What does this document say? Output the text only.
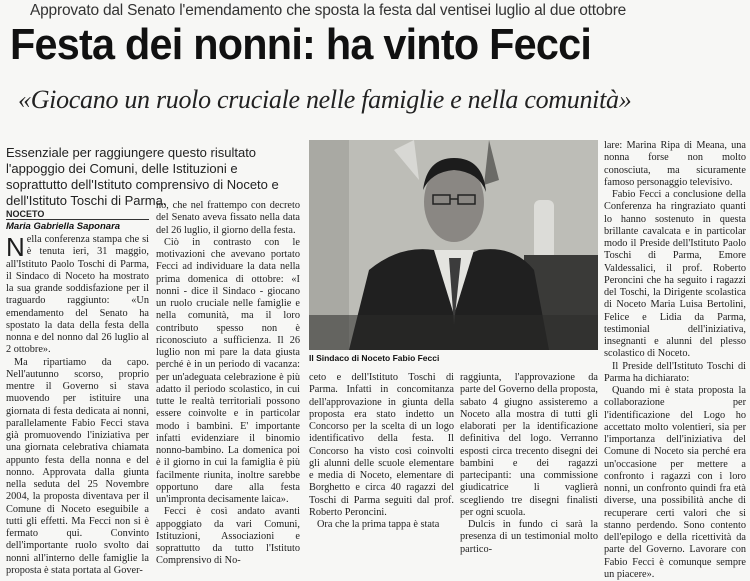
Approvato dal Senato l'emendamento che sposta la festa dal ventisei luglio al due ottobre
Festa dei nonni: ha vinto Fecci
«Giocano un ruolo cruciale nelle famiglie e nella comunità»
Essenziale per raggiungere questo risultato l'appoggio dei Comuni, delle Istituzioni e soprattutto dell'Istituto comprensivo di Noceto e dell'Istituto Toschi di Parma.
NOCETO
Maria Gabriella Saponara

Nella conferenza stampa che si è tenuta ieri, 31 maggio, all'Istituto Paolo Toschi di Parma, il Sindaco di Noceto ha mostrato la sua grande soddisfazione per il traguardo raggiunto: «Un emendamento del Senato ha spostato la data della festa della nonna e del nonno dal 26 luglio al 2 ottobre».

Ma ripartiamo da capo. Nell'autunno scorso, proprio mentre il Governo si stava muovendo per istituire una giornata di festa dedicata ai nonni, parallelamente Fabio Fecci stava già promuovendo l'iniziativa per una giornata celebrativa chiamata appunto festa della nonna e del nonno. Approvata dalla giunta nella seduta del 25 Novembre 2004, la proposta diventava per il Comune di Noceto eseguibile a tutti gli effetti. Ma Fecci non si è fermato qui. Convinto dell'importante ruolo svolto dai nonni all'interno delle famiglie la proposta è stata portata al Gover-

no, che nel frattempo con decreto del Senato aveva fissato nella data del 26 luglio, il giorno della festa.

Ciò in contrasto con le motivazioni che avevano portato Fecci ad individuare la data nella prima domenica di ottobre: «I nonni - dice il Sindaco - giocano un ruolo cruciale nelle famiglie e nella comunità, ma il loro contributo spesso non è riconosciuto a sufficienza. Il 26 luglio non mi pare la data giusta perché è in un periodo di vacanza: per un'adeguata celebrazione è più adatto il periodo scolastico, in cui tutte le realtà territoriali possono essere coinvolte e in particolar modo i bambini. E' importante infatti evidenziare il binomio nonno-bambino. La domenica poi è il giorno in cui la famiglia è più facilmente riunita, inoltre sarebbe opportuno dare alla festa un'impronta decisamente laica».

Fecci è così andato avanti appoggiato da vari Comuni, Istituzioni, Associazioni e soprattutto da tutto l'Istituto Comprensivo di No-

Il Sindaco di Noceto Fabio Fecci

ceto e dell'Istituto Toschi di Parma. Infatti in concomitanza dell'approvazione in giunta della proposta era stato indetto un Concorso per la scelta di un logo identificativo della festa. Il Concorso ha visto così coinvolti gli alunni delle scuole elementare e media di Noceto, elementare di Borghetto e circa 40 ragazzi del Toschi di Parma seguiti dal prof. Roberto Peroncini.

Ora che la prima tappa è stata

raggiunta, l'approvazione da parte del Governo della proposta, sabato 4 giugno assisteremo a Noceto alla mostra di tutti gli elaborati per la identificazione definitiva del logo. Verranno esposti circa trecento disegni dei bambini e dei ragazzi partecipanti: una commissione giudicatrice li vaglierà scegliendo tre disegni finalisti per ogni scuola.

Dulcis in fundo ci sarà la presenza di un testimonial molto partico-

lare: Marina Ripa di Meana, una nonna forse non molto conosciuta, ma sicuramente famoso personaggio televisivo.

Fabio Fecci a conclusione della Conferenza ha ringraziato quanti lo hanno sostenuto in questa brillante cavalcata e in particolar modo il Preside dell'Istituto Paolo Toschi di Parma, Emore Valdessalici, il prof. Roberto Peroncini che ha seguito i ragazzi del Toschi, la Dirigente scolastica di Noceto Maria Luisa Bertolini, Felice e Lidia da Parma, testimonial dell'iniziativa, insegnanti e alunni del plesso scolastico di Noceto.

Il Preside dell'Istituto Toschi di Parma ha dichiarato:

Quando mi è stata proposta la collaborazione per l'identificazione del Logo ho accettato molto volentieri, sia per l'importanza dell'iniziativa del Comune di Noceto sia perché era un'occasione per mettere a confronto i ragazzi con i loro nonni, un confronto quindi fra età diverse, una possibilità anche di recuperare certi valori che si stanno perdendo. Sono contento dell'epilogo e della ricettività da parte del Governo. Lavorare con Fabio Fecci è comunque sempre un piacere».
